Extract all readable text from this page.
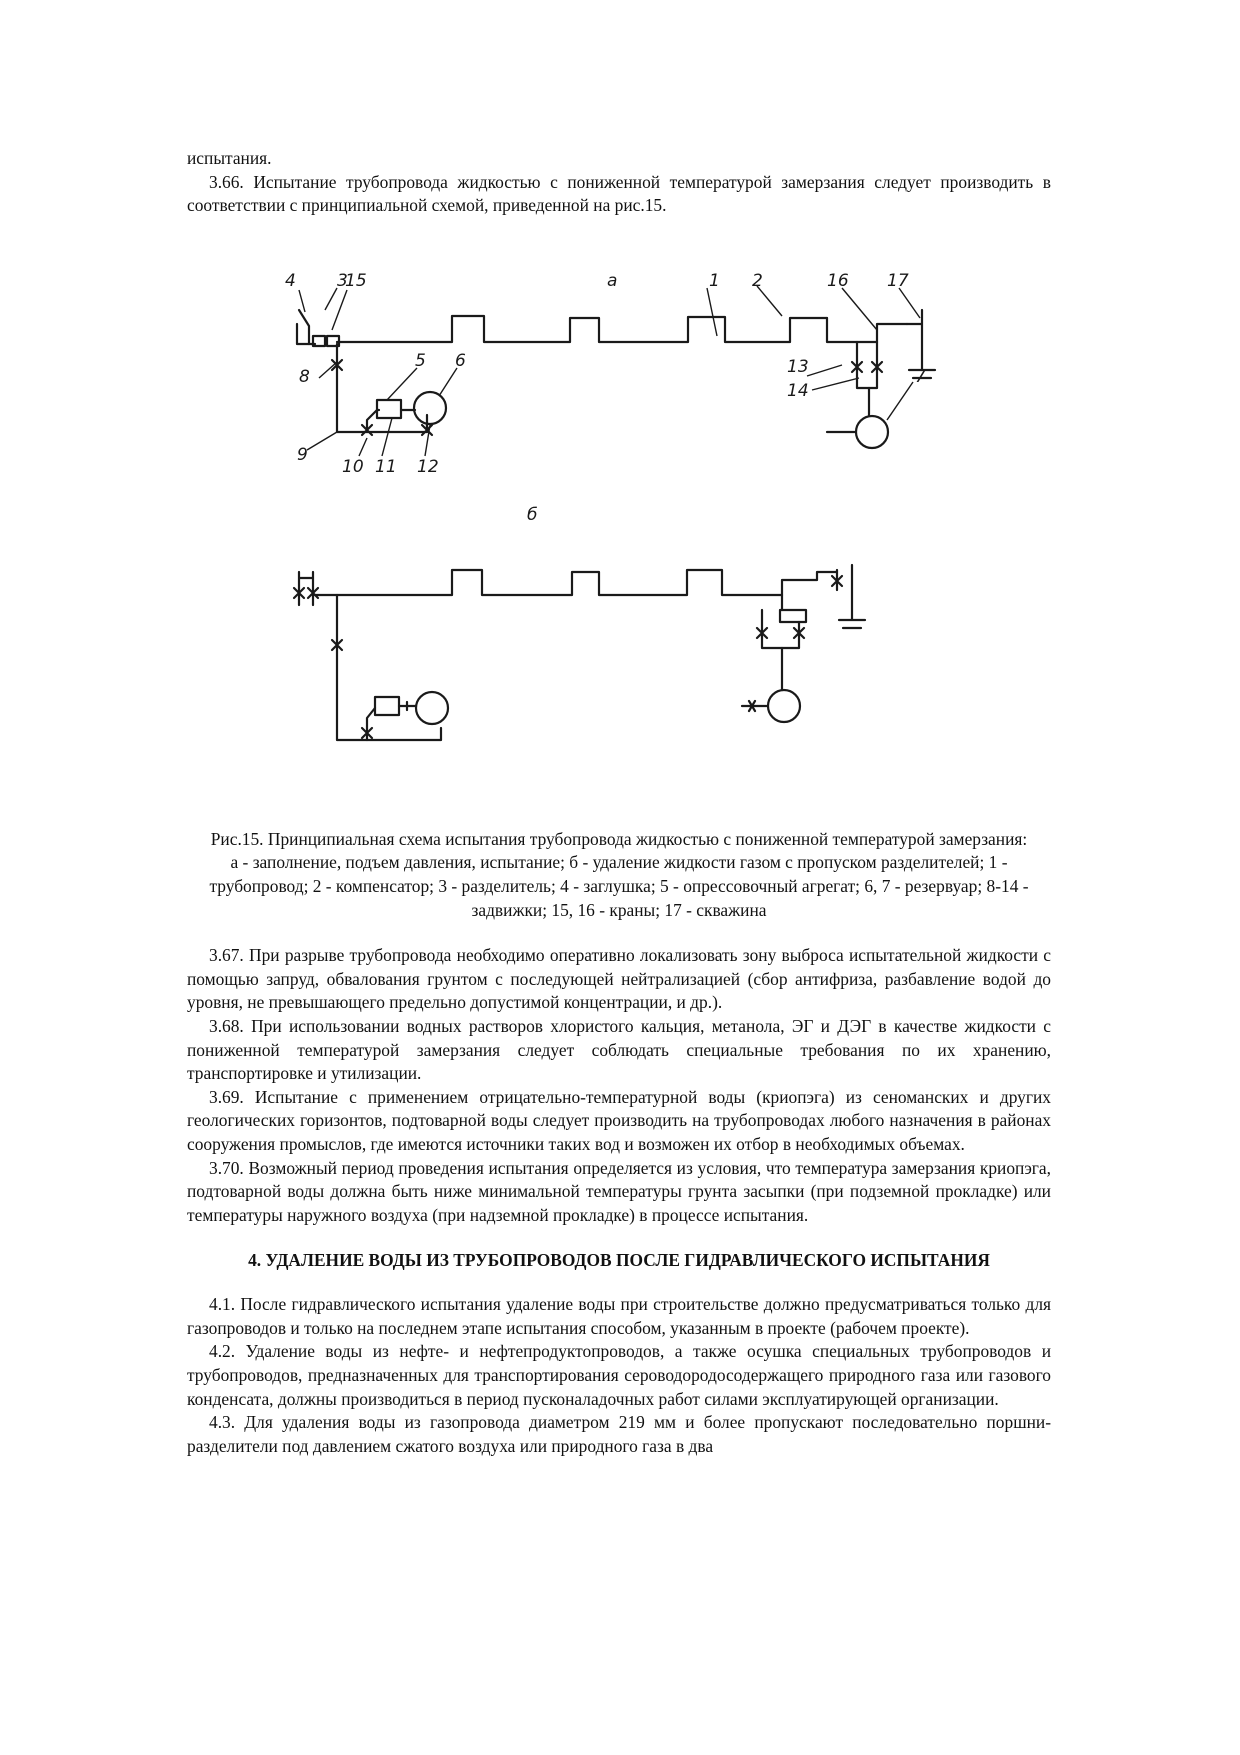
испытания.

3.66. Испытание трубопровода жидкостью с пониженной температурой замерзания следует производить в соответствии с принципиальной схемой, приведенной на рис.15.

а	1 2
3
4
5 6
7
8
9
10 11 12
13
14
15	16 17
б

Рис.15. Принципиальная схема испытания трубопровода жидкостью с пониженной температурой замерзания:

а - заполнение, подъем давления, испытание; б - удаление жидкости газом с пропуском разделителей; 1 - трубопровод; 2 - компенсатор; 3 - разделитель; 4 - заглушка; 5 - опрессовочный агрегат; 6, 7 - резервуар; 8-14 - задвижки; 15, 16 - краны; 17 - скважина

3.67. При разрыве трубопровода необходимо оперативно локализовать зону выброса испытательной жидкости с помощью запруд, обвалования грунтом с последующей нейтрализацией (сбор антифриза, разбавление водой до уровня, не превышающего предельно допустимой концентрации, и др.).

3.68. При использовании водных растворов хлористого кальция, метанола, ЭГ и ДЭГ в качестве жидкости с пониженной температурой замерзания следует соблюдать специальные требования по их хранению, транспортировке и утилизации.

3.69. Испытание с применением отрицательно-температурной воды (криопэга) из сеноманских и других геологических горизонтов, подтоварной воды следует производить на трубопроводах любого назначения в районах сооружения промыслов, где имеются источники таких вод и возможен их отбор в необходимых объемах.

3.70. Возможный период проведения испытания определяется из условия, что температура замерзания криопэга, подтоварной воды должна быть ниже минимальной температуры грунта засыпки (при подземной прокладке) или температуры наружного воздуха (при надземной прокладке) в процессе испытания.

4. УДАЛЕНИЕ ВОДЫ ИЗ ТРУБОПРОВОДОВ ПОСЛЕ ГИДРАВЛИЧЕСКОГО ИСПЫТАНИЯ

4.1. После гидравлического испытания удаление воды при строительстве должно предусматриваться только для газопроводов и только на последнем этапе испытания способом, указанным в проекте (рабочем проекте).

4.2. Удаление воды из нефте- и нефтепродуктопроводов, а также осушка специальных трубопроводов и трубопроводов, предназначенных для транспортирования сероводородосодержащего природного газа или газового конденсата, должны производиться в период пусконаладочных работ силами эксплуатирующей организации.

4.3. Для удаления воды из газопровода диаметром 219 мм и более пропускают последовательно поршни-разделители под давлением сжатого воздуха или природного газа в два
